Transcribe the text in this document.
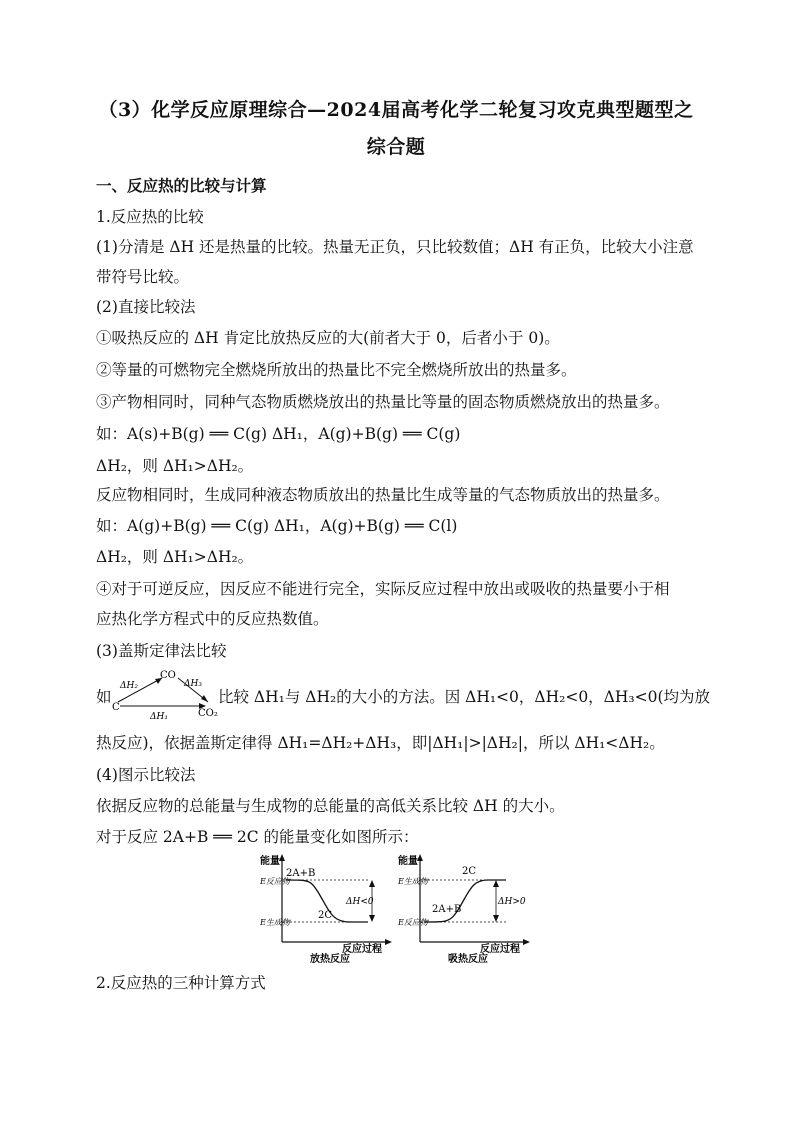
（3）化学反应原理综合—2024届高考化学二轮复习攻克典型题型之
综合题
一、反应热的比较与计算
1.反应热的比较
(1)分清是 ΔH 还是热量的比较。热量无正负，只比较数值；ΔH 有正负，比较大小注意
带符号比较。
(2)直接比较法
①吸热反应的 ΔH 肯定比放热反应的大(前者大于 0，后者小于 0)。
②等量的可燃物完全燃烧所放出的热量比不完全燃烧所放出的热量多。
③产物相同时，同种气态物质燃烧放出的热量比等量的固态物质燃烧放出的热量多。
如：A(s)+B(g) ══ C(g) ΔH₁，A(g)+B(g) ══ C(g)
ΔH₂，则 ΔH₁>ΔH₂。
反应物相同时，生成同种液态物质放出的热量比生成等量的气态物质放出的热量多。
如：A(g)+B(g) ══ C(g) ΔH₁，A(g)+B(g) ══ C(l)
ΔH₂，则 ΔH₁>ΔH₂。
④对于可逆反应，因反应不能进行完全，实际反应过程中放出或吸收的热量要小于相
应热化学方程式中的反应热数值。
(3)盖斯定律法比较
如
C
CO
CO₂
ΔH₂	ΔH₃
ΔH₁
比较 ΔH₁与 ΔH₂的大小的方法。因 ΔH₁<0，ΔH₂<0，ΔH₃<0(均为放
热反应)，依据盖斯定律得 ΔH₁=ΔH₂+ΔH₃，即|ΔH₁|>|ΔH₂|，所以 ΔH₁<ΔH₂。
(4)图示比较法
依据反应物的总能量与生成物的总能量的高低关系比较 ΔH 的大小。
对于反应 2A+B ══ 2C 的能量变化如图所示：
能量
E反应物
E生成物
2A+B
2C
ΔH<0
反应过程
放热反应
能量
E生成物
E反应物
2A+B
2C
ΔH>0
反应过程
吸热反应
2.反应热的三种计算方式
